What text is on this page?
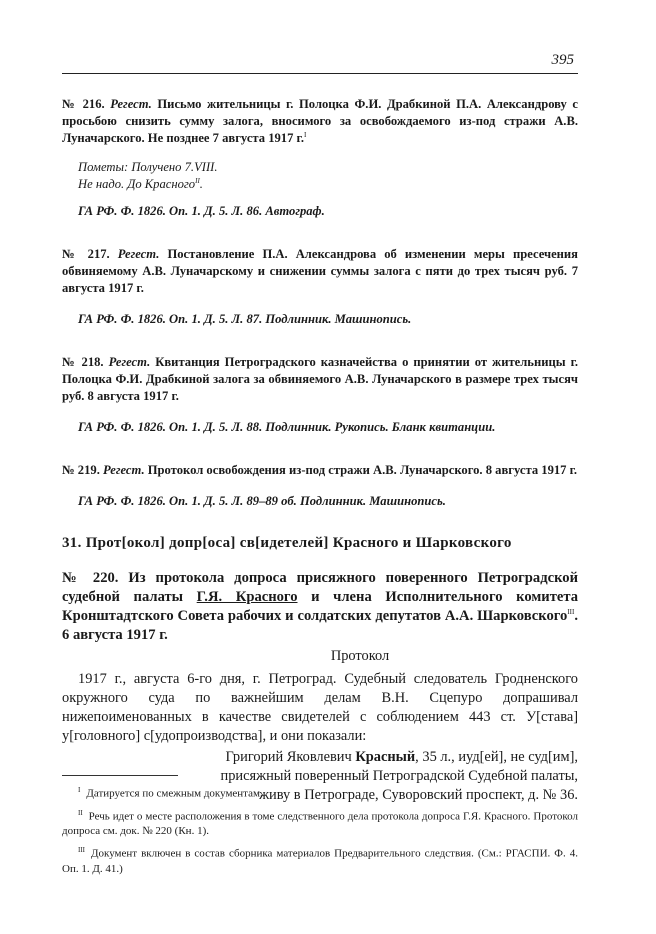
395

№ 216. Регест. Письмо жительницы г. Полоцка Ф.И. Драбкиной П.А. Александрову с просьбою снизить сумму залога, вносимого за освобождаемого из-под стражи А.В. Луначарского. Не позднее 7 августа 1917 г.$^I$

Пометы: Получено 7.VIII.
Не надо. До Красного$^{II}$.
ГА РФ. Ф. 1826. Оп. 1. Д. 5. Л. 86. Автограф.

№ 217. Регест. Постановление П.А. Александрова об изменении меры пресечения обвиняемому А.В. Луначарскому и снижении суммы залога с пяти до трех тысяч руб. 7 августа 1917 г.

ГА РФ. Ф. 1826. Оп. 1. Д. 5. Л. 87. Подлинник. Машинопись.

№ 218. Регест. Квитанция Петроградского казначейства о принятии от жительницы г. Полоцка Ф.И. Драбкиной залога за обвиняемого А.В. Луначарского в размере трех тысяч руб. 8 августа 1917 г.

ГА РФ. Ф. 1826. Оп. 1. Д. 5. Л. 88. Подлинник. Рукопись. Бланк квитанции.

№ 219. Регест. Протокол освобождения из-под стражи А.В. Луначарского. 8 августа 1917 г.

ГА РФ. Ф. 1826. Оп. 1. Д. 5. Л. 89–89 об. Подлинник. Машинопись.
31. Прот[окол] допр[оса] св[идетелей] Красного и Шарковского

№ 220. Из протокола допроса присяжного поверенного Петроградской судебной палаты Г.Я. Красного и члена Исполнительного комитета Кронштадтского Совета рабочих и солдатских депутатов А.А. Шарковского$^{III}$. 6 августа 1917 г.

Протокол

1917 г., августа 6-го дня, г. Петроград. Судебный следователь Гродненского окружного суда по важнейшим делам В.Н. Сцепуро допрашивал нижепоименованных в качестве свидетелей с соблюдением 443 ст. У[става] у[головного] с[удопроизводства], и они показали:

Григорий Яковлевич Красный, 35 л., иуд[ей], не суд[им],
присяжный поверенный Петроградской Судебной палаты,
живу в Петрограде, Суворовский проспект, д. № 36.

$^I$ Датируется по смежным документам.

$^{II}$ Речь идет о месте расположения в томе следственного дела протокола допроса Г.Я. Красного. Протокол допроса см. док. № 220 (Кн. 1).

$^{III}$ Документ включен в состав сборника материалов Предварительного следствия. (См.: РГАСПИ. Ф. 4. Оп. 1. Д. 41.)
